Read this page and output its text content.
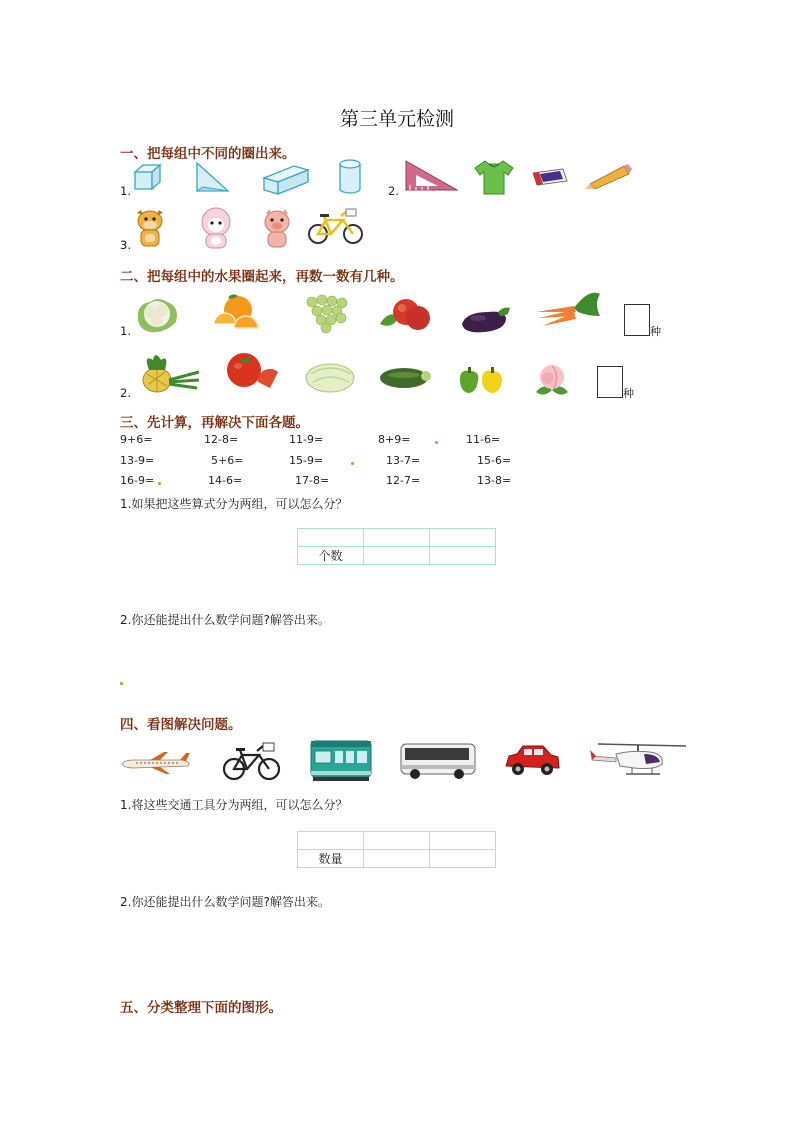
第三单元检测
一、把每组中不同的圈出来。
1.	2.
3.
二、把每组中的水果圈起来，再数一数有几种。
1.	种
2.	种
三、先计算，再解决下面各题。
9+6=	12-8=	11-9=	8+9=	11-6=
13-9=	5+6=	15-9=	13-7=	15-6=
16-9=	14-6=	17-8=	12-7=	13-8=
1.如果把这些算式分为两组，可以怎么分？

个数		
2.你还能提出什么数学问题?解答出来。
四、看图解决问题。
1.将这些交通工具分为两组，可以怎么分？

数量		
2.你还能提出什么数学问题?解答出来。
五、分类整理下面的图形。
